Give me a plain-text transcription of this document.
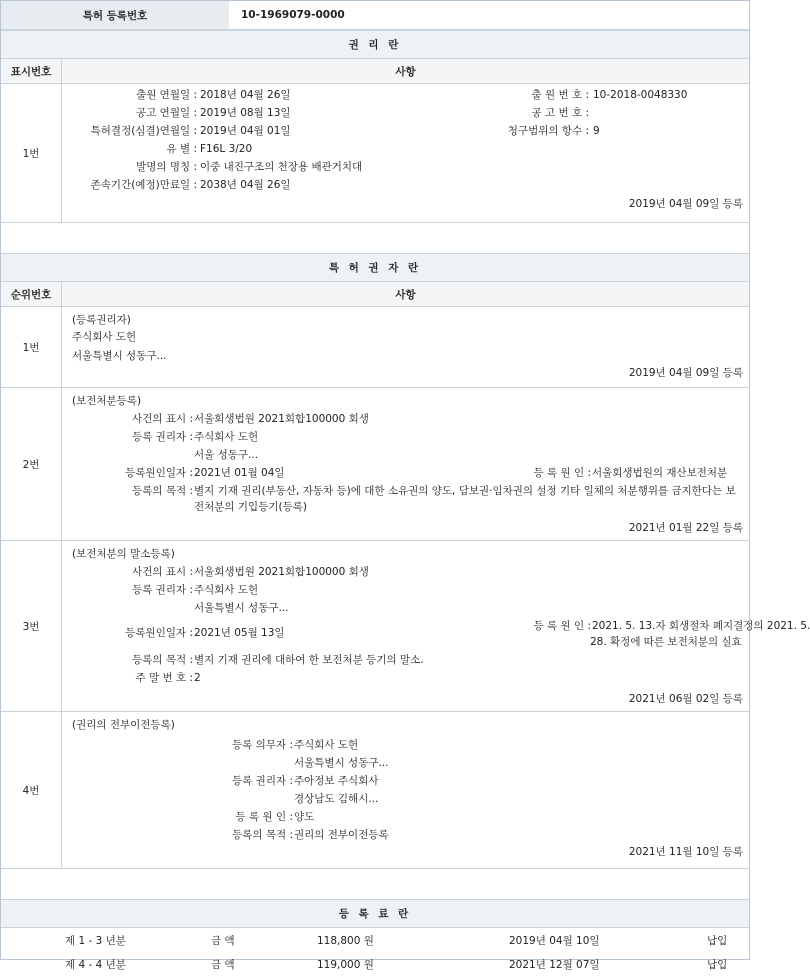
특허 등록번호	10-1969079-0000
권 리 란
표시번호	사항
1번
출원 연월일 : 2018년 04월 26일	출 원 번 호 : 10-2018-0048330
공고 연월일 : 2019년 08월 13일	공 고 번 호 :
특허결정(심결)연월일 : 2019년 04월 01일	청구범위의 항수 : 9
유 별 : F16L 3/20
발명의 명칭 : 이중 내진구조의 천장용 배관거치대
존속기간(예정)만료일 : 2038년 04월 26일
2019년 04월 09일 등록
특 허 권 자 란
순위번호	사항
1번
(등록권리자)
주식회사 도헌
서울특별시 성동구...
2019년 04월 09일 등록
2번
(보전처분등록)
사건의 표시 : 서울회생법원 2021회합100000 회생
등록 권리자 : 주식회사 도헌
서울 성동구...
등록원인일자 : 2021년 01월 04일	등 록 원 인 : 서울회생법원의 재산보전처분
등록의 목적 : 별지 기재 권리(부동산, 자동차 등)에 대한 소유권의 양도, 담보권·임차권의 설정 기타 일체의 처분행위를 금지한다는 보
전처분의 기입등기(등록)
2021년 01월 22일 등록
3번
(보전처분의 말소등록)
사건의 표시 : 서울회생법원 2021회합100000 회생
등록 권리자 : 주식회사 도헌
서울특별시 성동구...
등록원인일자 : 2021년 05월 13일
등 록 원 인 : 2021. 5. 13.자 회생절차 폐지결정의 2021. 5.
28. 확정에 따른 보전처분의 실효
등록의 목적 : 별지 기재 권리에 대하여 한 보전처분 등기의 말소.
주 말 번 호 : 2
2021년 06월 02일 등록
4번
(권리의 전부이전등록)
등록 의무자 : 주식회사 도헌
서울특별시 성동구...
등록 권리자 : 주아정보 주식회사
경상남도 김해시...
등 록 원 인 : 양도
등록의 목적 : 권리의 전부이전등록
2021년 11월 10일 등록
등 록 료 란
제 1 - 3 년분	금 액	118,800 원	2019년 04월 10일	납입
제 4 - 4 년분	금 액	119,000 원	2021년 12월 07일	납입
